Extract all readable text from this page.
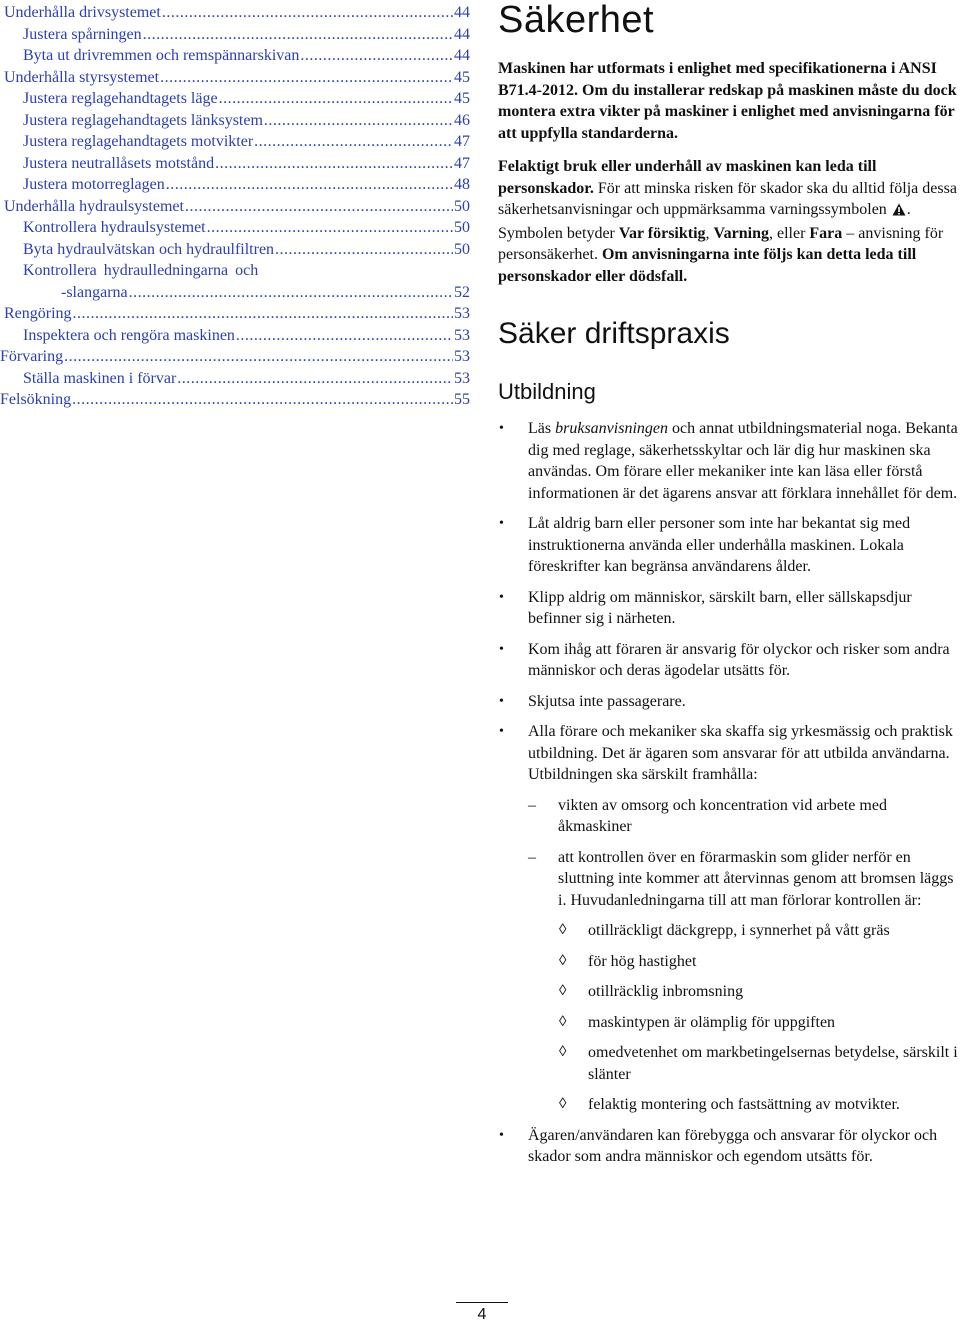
Underhålla drivsystemet .....	44
Justera spårningen .....	44
Byta ut drivremmen och remspännarskivan .....	44
Underhålla styrsystemet .....	45
Justera reglagehandtagets läge .....	45
Justera reglagehandtagets länksystem .....	46
Justera reglagehandtagets motvikter .....	47
Justera neutrallåsets motstånd .....	47
Justera motorreglagen .....	48
Underhålla hydraulsystemet .....	50
Kontrollera hydraulsystemet .....	50
Byta hydraulvätskan och hydraulfiltren .....	50
Kontrollera hydraulledningarna och
-slangarna .....	52
Rengöring .....	53
Inspektera och rengöra maskinen .....	53
Förvaring .....	53
Ställa maskinen i förvar .....	53
Felsökning .....	55
Säkerhet

Maskinen har utformats i enlighet med specifikationerna i ANSI B71.4-2012. Om du installerar redskap på maskinen måste du dock montera extra vikter på maskiner i enlighet med anvisningarna för att uppfylla standarderna.

Felaktigt bruk eller underhåll av maskinen kan leda till personskador. För att minska risken för skador ska du alltid följa dessa säkerhetsanvisningar och uppmärksamma varningssymbolen . Symbolen betyder Var försiktig, Varning, eller Fara – anvisning för personsäkerhet. Om anvisningarna inte följs kan detta leda till personskador eller dödsfall.

Säker driftspraxis
Utbildning
• Läs bruksanvisningen och annat utbildningsmaterial noga. Bekanta dig med reglage, säkerhetsskyltar och lär dig hur maskinen ska användas. Om förare eller mekaniker inte kan läsa eller förstå informationen är det ägarens ansvar att förklara innehållet för dem.
• Låt aldrig barn eller personer som inte har bekantat sig med instruktionerna använda eller underhålla maskinen. Lokala föreskrifter kan begränsa användarens ålder.
• Klipp aldrig om människor, särskilt barn, eller sällskapsdjur befinner sig i närheten.
• Kom ihåg att föraren är ansvarig för olyckor och risker som andra människor och deras ägodelar utsätts för.
• Skjutsa inte passagerare.
• Alla förare och mekaniker ska skaffa sig yrkesmässig och praktisk utbildning. Det är ägaren som ansvarar för att utbilda användarna. Utbildningen ska särskilt framhålla:
– vikten av omsorg och koncentration vid arbete med åkmaskiner
– att kontrollen över en förarmaskin som glider nerför en sluttning inte kommer att återvinnas genom att bromsen läggs i. Huvudanledningarna till att man förlorar kontrollen är:
◊ otillräckligt däckgrepp, i synnerhet på vått gräs
◊ för hög hastighet
◊ otillräcklig inbromsning
◊ maskintypen är olämplig för uppgiften
◊ omedvetenhet om markbetingelsernas betydelse, särskilt i slänter
◊ felaktig montering och fastsättning av motvikter.
• Ägaren/användaren kan förebygga och ansvarar för olyckor och skador som andra människor och egendom utsätts för.
4
